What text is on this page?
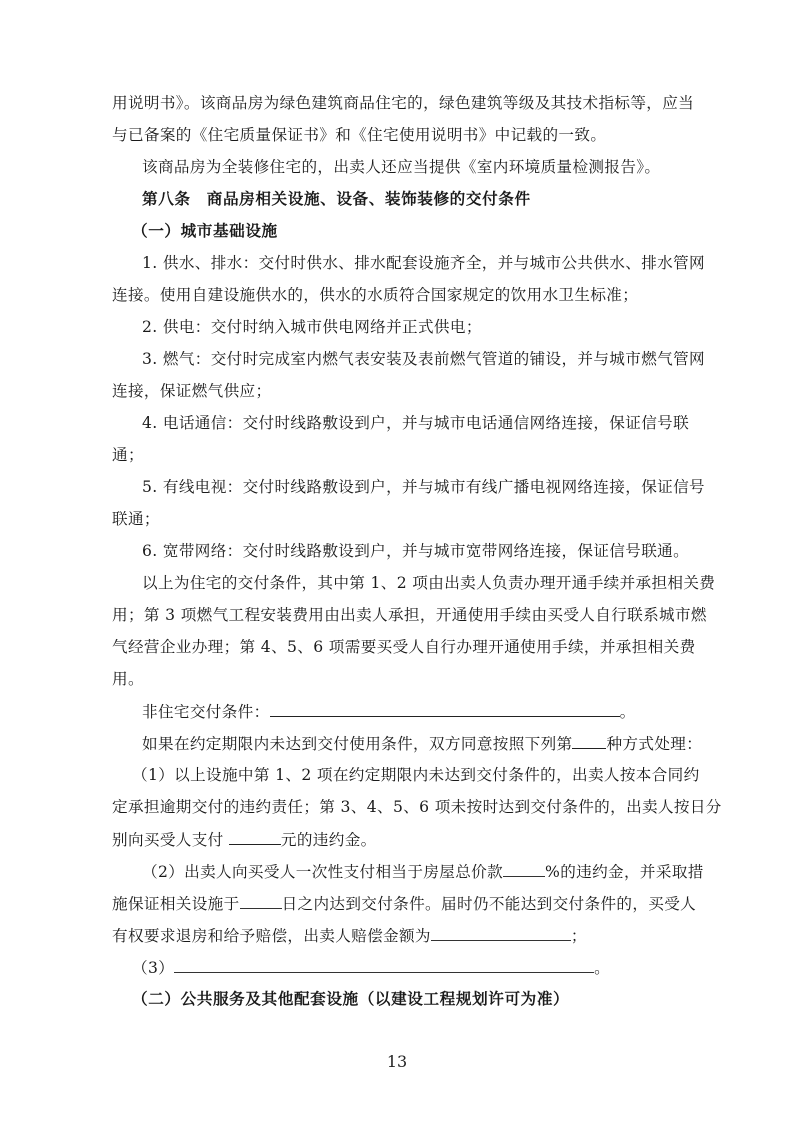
用说明书》。该商品房为绿色建筑商品住宅的，绿色建筑等级及其技术指标等，应当
与已备案的《住宅质量保证书》和《住宅使用说明书》中记载的一致。
该商品房为全装修住宅的，出卖人还应当提供《室内环境质量检测报告》。
第八条　商品房相关设施、设备、装饰装修的交付条件
（一）城市基础设施
1. 供水、排水：交付时供水、排水配套设施齐全，并与城市公共供水、排水管网
连接。使用自建设施供水的，供水的水质符合国家规定的饮用水卫生标准；
2. 供电：交付时纳入城市供电网络并正式供电；
3. 燃气：交付时完成室内燃气表安装及表前燃气管道的铺设，并与城市燃气管网
连接，保证燃气供应；
4. 电话通信：交付时线路敷设到户，并与城市电话通信网络连接，保证信号联
通；
5. 有线电视：交付时线路敷设到户，并与城市有线广播电视网络连接，保证信号
联通；
6. 宽带网络：交付时线路敷设到户，并与城市宽带网络连接，保证信号联通。
以上为住宅的交付条件，其中第 1、2 项由出卖人负责办理开通手续并承担相关费
用；第 3 项燃气工程安装费用由出卖人承担，开通使用手续由买受人自行联系城市燃
气经营企业办理；第 4、5、6 项需要买受人自行办理开通使用手续，并承担相关费
用。
非住宅交付条件：	。
如果在约定期限内未达到交付使用条件，双方同意按照下列第 种方式处理：
（1）以上设施中第 1、2 项在约定期限内未达到交付条件的，出卖人按本合同约
定承担逾期交付的违约责任；第 3、4、5、6 项未按时达到交付条件的，出卖人按日分
别向买受人支付	元的违约金。
（2）出卖人向买受人一次性支付相当于房屋总价款	%的违约金，并采取措
施保证相关设施于	日之内达到交付条件。届时仍不能达到交付条件的，买受人
有权要求退房和给予赔偿，出卖人赔偿金额为	；
（3）	。
（二）公共服务及其他配套设施（以建设工程规划许可为准）
13
